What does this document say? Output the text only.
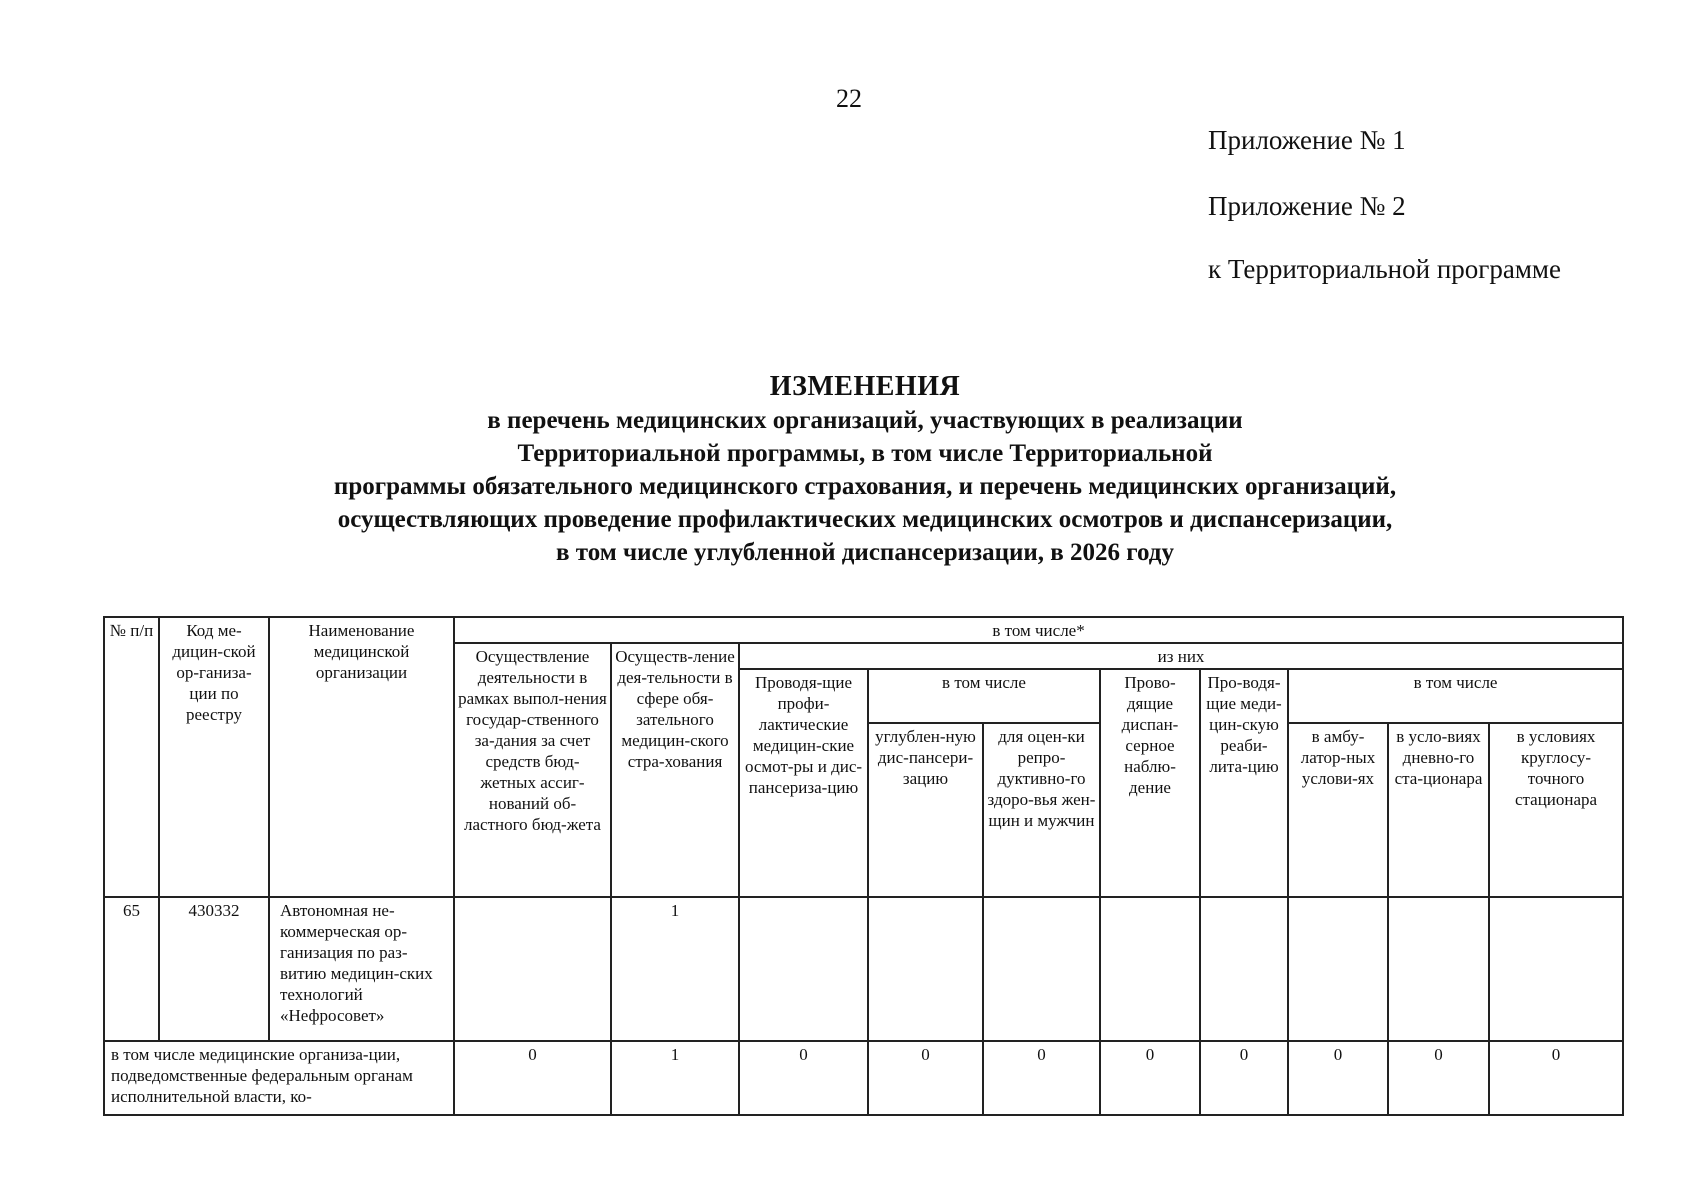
22
Приложение № 1
Приложение № 2
к Территориальной программе
ИЗМЕНЕНИЯ
в перечень медицинских организаций, участвующих в реализации
Территориальной программы, в том числе Территориальной
программы обязательного медицинского страхования, и перечень медицинских организаций,
осуществляющих проведение профилактических медицинских осмотров и диспансеризации,
в том числе углубленной диспансеризации, в 2026 году
№ п/п	Код ме-дицин-ской ор-ганиза-ции по реестру	Наименование медицинской организации	в том числе*									
			Осуществление деятельности в рамках выпол-нения государ-ственного за-дания за счет средств бюд-жетных ассиг-нований об-ластного бюд-жета	Осуществ-ление дея-тельности в сфере обя-зательного медицин-ского стра-хования	из них							
					Проводя-щие профи-лактические медицин-ские осмот-ры и дис-пансериза-цию	в том числе		Прово-дящие диспан-серное наблю-дение	Про-водя-щие меди-цин-скую реаби-лита-цию	в том числе		
						углублен-ную дис-пансери-зацию	для оцен-ки репро-дуктивно-го здоро-вья жен-щин и мужчин			в амбу-латор-ных услови-ях	в усло-виях дневно-го ста-ционара	в условиях круглосу-точного стационара
65	430332	Автономная не-коммерческая ор-ганизация по раз-витию медицин-ских технологий «Нефросовет»		1								
в том числе медицинские организа-ции, подведомственные федеральным органам исполнительной власти, ко-			0	1	0	0	0	0	0	0	0	0
